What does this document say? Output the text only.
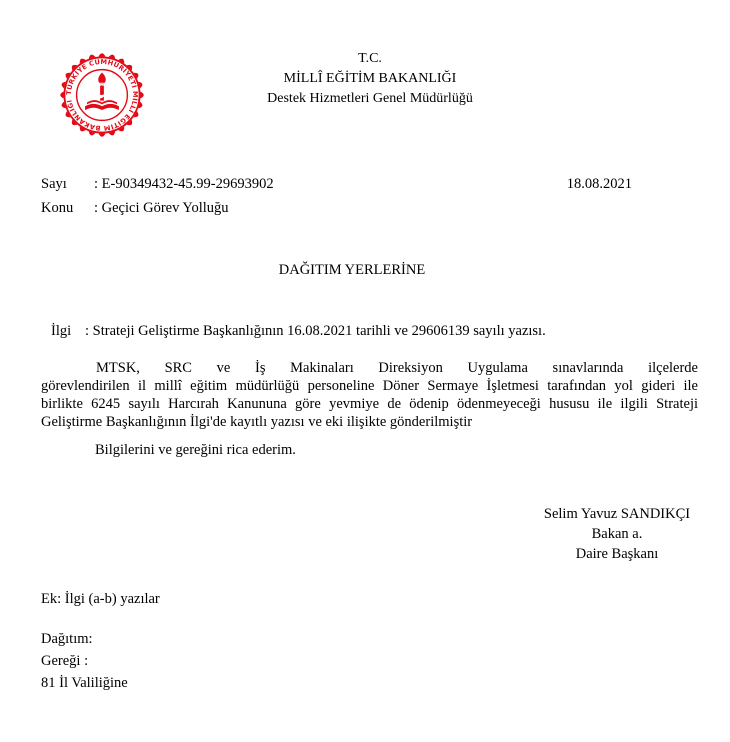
TÜRKİYE CUMHURİYETİ MİLLÎ EĞİTİM BAKANLIĞI
T.C.
MİLLÎ EĞİTİM BAKANLIĞI
Destek Hizmetleri Genel Müdürlüğü
Sayı : E-90349432-45.99-29693902
Konu : Geçici Görev Yolluğu
18.08.2021
DAĞITIM YERLERİNE
İlgi : Strateji Geliştirme Başkanlığının 16.08.2021 tarihli ve 29606139 sayılı yazısı.
MTSK, SRC ve İş Makinaları Direksiyon Uygulama sınavlarında ilçelerde
görevlendirilen il millî eğitim müdürlüğü personeline Döner Sermaye İşletmesi tarafından yol gideri ile
birlikte 6245 sayılı Harcırah Kanununa göre yevmiye de ödenip ödenmeyeceği hususu ile ilgili Strateji
Geliştirme Başkanlığının İlgi'de kayıtlı yazısı ve eki ilişikte gönderilmiştir
Bilgilerini ve gereğini rica ederim.
Selim Yavuz SANDIKÇI
Bakan a.
Daire Başkanı
Ek: İlgi (a-b) yazılar
Dağıtım:
Gereği :
81 İl Valiliğine
